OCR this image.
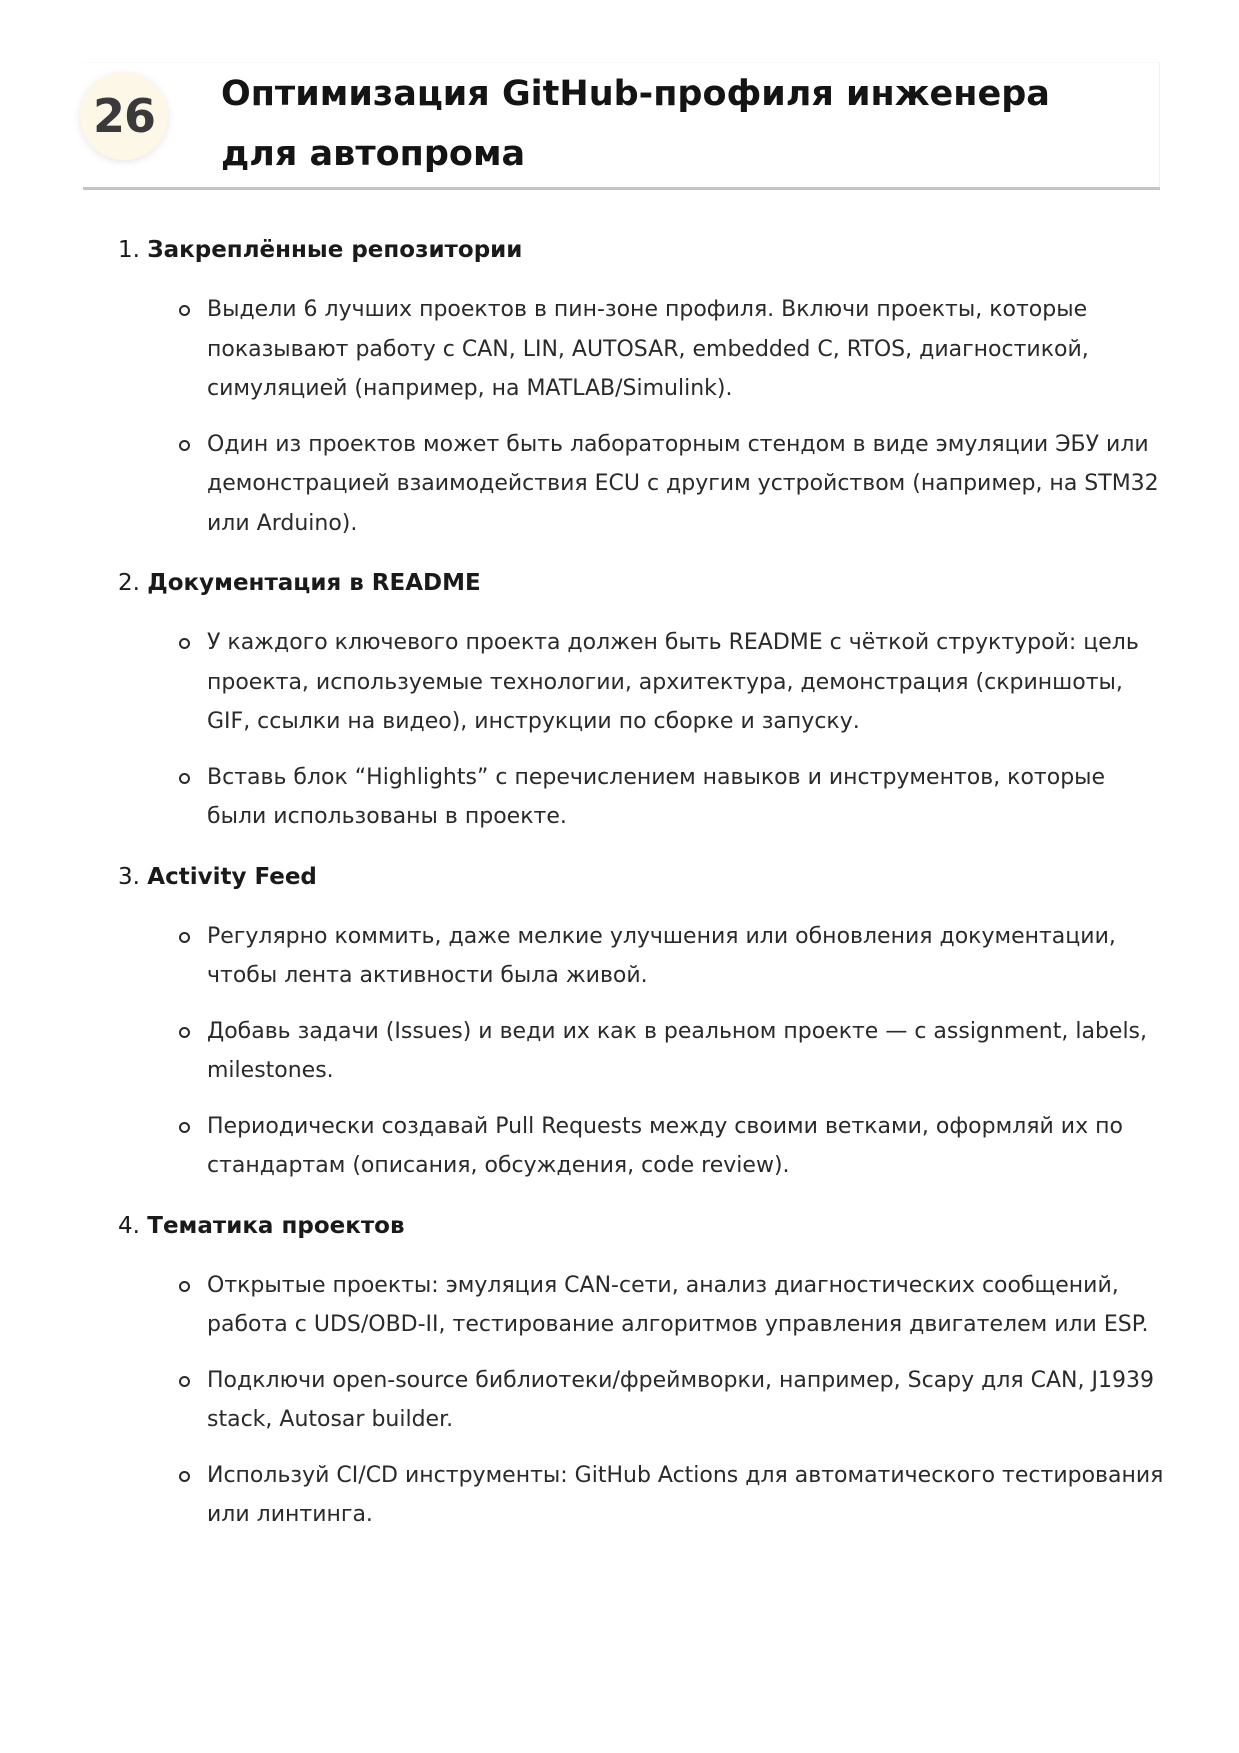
26	Оптимизация GitHub-профиля инженера для автопрома
1. Закреплённые репозитории
Выдели 6 лучших проектов в пин-зоне профиля. Включи проекты, которые показывают работу с CAN, LIN, AUTOSAR, embedded C, RTOS, диагностикой, симуляцией (например, на MATLAB/Simulink).
Один из проектов может быть лабораторным стендом в виде эмуляции ЭБУ или демонстрацией взаимодействия ECU с другим устройством (например, на STM32 или Arduino).
2. Документация в README
У каждого ключевого проекта должен быть README с чёткой структурой: цель проекта, используемые технологии, архитектура, демонстрация (скриншоты, GIF, ссылки на видео), инструкции по сборке и запуску.
Вставь блок “Highlights” с перечислением навыков и инструментов, которые были использованы в проекте.
3. Activity Feed
Регулярно коммить, даже мелкие улучшения или обновления документации, чтобы лента активности была живой.
Добавь задачи (Issues) и веди их как в реальном проекте — с assignment, labels, milestones.
Периодически создавай Pull Requests между своими ветками, оформляй их по стандартам (описания, обсуждения, code review).
4. Тематика проектов
Открытые проекты: эмуляция CAN-сети, анализ диагностических сообщений, работа с UDS/OBD-II, тестирование алгоритмов управления двигателем или ESP.
Подключи open-source библиотеки/фреймворки, например, Scapy для CAN, J1939 stack, Autosar builder.
Используй CI/CD инструменты: GitHub Actions для автоматического тестирования или линтинга.
